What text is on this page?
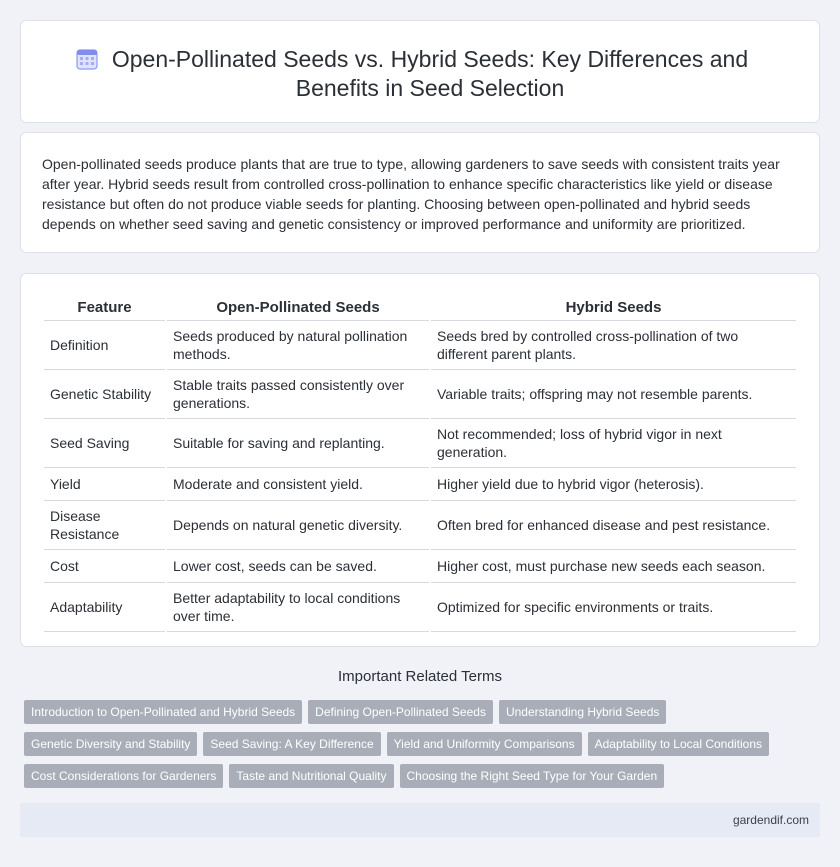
Open-Pollinated Seeds vs. Hybrid Seeds: Key Differences and Benefits in Seed Selection

Open-pollinated seeds produce plants that are true to type, allowing gardeners to save seeds with consistent traits year after year. Hybrid seeds result from controlled cross-pollination to enhance specific characteristics like yield or disease resistance but often do not produce viable seeds for planting. Choosing between open-pollinated and hybrid seeds depends on whether seed saving and genetic consistency or improved performance and uniformity are prioritized.

Feature	Open-Pollinated Seeds	Hybrid Seeds
Definition	Seeds produced by natural pollination methods.	Seeds bred by controlled cross-pollination of two different parent plants.
Genetic Stability	Stable traits passed consistently over generations.	Variable traits; offspring may not resemble parents.
Seed Saving	Suitable for saving and replanting.	Not recommended; loss of hybrid vigor in next generation.
Yield	Moderate and consistent yield.	Higher yield due to hybrid vigor (heterosis).
Disease Resistance	Depends on natural genetic diversity.	Often bred for enhanced disease and pest resistance.
Cost	Lower cost, seeds can be saved.	Higher cost, must purchase new seeds each season.
Adaptability	Better adaptability to local conditions over time.	Optimized for specific environments or traits.
Important Related Terms
Introduction to Open-Pollinated and Hybrid Seeds	Defining Open-Pollinated Seeds	Understanding Hybrid Seeds
Genetic Diversity and Stability	Seed Saving: A Key Difference	Yield and Uniformity Comparisons	Adaptability to Local Conditions
Cost Considerations for Gardeners	Taste and Nutritional Quality	Choosing the Right Seed Type for Your Garden
gardendif.com
